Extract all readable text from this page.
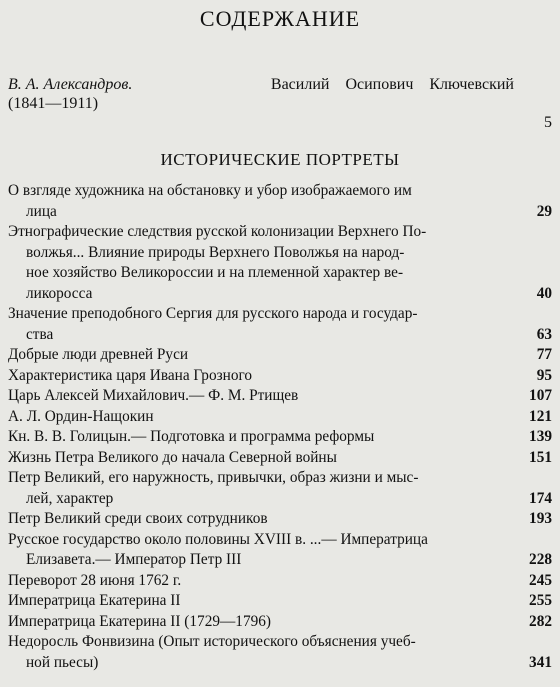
СОДЕРЖАНИЕ
В. А. Александров.	Василий Осипович Ключевский
(1841—1911)
5
ИСТОРИЧЕСКИЕ ПОРТРЕТЫ
О взгляде художника на обстановку и убор изображаемого им
лица	29
Этнографические следствия русской колонизации Верхнего По-
волжья... Влияние природы Верхнего Поволжья на народ-
ное хозяйство Великороссии и на племенной характер ве-
ликоросса	40
Значение преподобного Сергия для русского народа и государ-
ства	63
Добрые люди древней Руси	77
Характеристика царя Ивана Грозного	95
Царь Алексей Михайлович.— Ф. М. Ртищев	107
А. Л. Ордин-Нащокин	121
Кн. В. В. Голицын.— Подготовка и программа реформы	139
Жизнь Петра Великого до начала Северной войны	151
Петр Великий, его наружность, привычки, образ жизни и мыс-
лей, характер	174
Петр Великий среди своих сотрудников	193
Русское государство около половины XVIII в. ...— Императрица
Елизавета.— Император Петр III	228
Переворот 28 июня 1762 г.	245
Императрица Екатерина II	255
Императрица Екатерина II (1729—1796)	282
Недоросль Фонвизина (Опыт исторического объяснения учеб-
ной пьесы)	341
